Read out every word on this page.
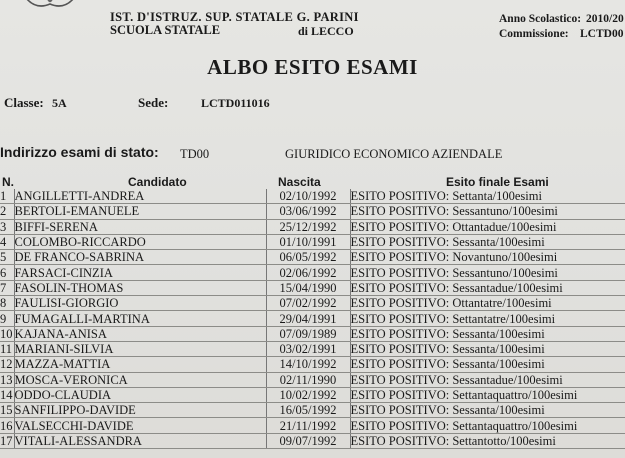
IST. D'ISTRUZ. SUP. STATALE G. PARINI
SCUOLA STATALE	di LECCO
Anno Scolastico: 2010/20
Commissione: LCTD00
ALBO ESITO ESAMI
Classe: 5A	Sede:	LCTD011016
Indirizzo esami di stato: TD00	GIURIDICO ECONOMICO AZIENDALE
N.	Candidato	Nascita	Esito finale Esami
1	ANGILLETTI-ANDREA	02/10/1992	ESITO POSITIVO: Settanta/100esimi
2	BERTOLI-EMANUELE	03/06/1992	ESITO POSITIVO: Sessantuno/100esimi
3	BIFFI-SERENA	25/12/1992	ESITO POSITIVO: Ottantadue/100esimi
4	COLOMBO-RICCARDO	01/10/1991	ESITO POSITIVO: Sessanta/100esimi
5	DE FRANCO-SABRINA	06/05/1992	ESITO POSITIVO: Novantuno/100esimi
6	FARSACI-CINZIA	02/06/1992	ESITO POSITIVO: Sessantuno/100esimi
7	FASOLIN-THOMAS	15/04/1990	ESITO POSITIVO: Sessantadue/100esimi
8	FAULISI-GIORGIO	07/02/1992	ESITO POSITIVO: Ottantatre/100esimi
9	FUMAGALLI-MARTINA	29/04/1991	ESITO POSITIVO: Settantatre/100esimi
10	KAJANA-ANISA	07/09/1989	ESITO POSITIVO: Sessanta/100esimi
11	MARIANI-SILVIA	03/02/1991	ESITO POSITIVO: Sessanta/100esimi
12	MAZZA-MATTIA	14/10/1992	ESITO POSITIVO: Sessanta/100esimi
13	MOSCA-VERONICA	02/11/1990	ESITO POSITIVO: Sessantadue/100esimi
14	ODDO-CLAUDIA	10/02/1992	ESITO POSITIVO: Settantaquattro/100esimi
15	SANFILIPPO-DAVIDE	16/05/1992	ESITO POSITIVO: Sessanta/100esimi
16	VALSECCHI-DAVIDE	21/11/1992	ESITO POSITIVO: Settantaquattro/100esimi
17	VITALI-ALESSANDRA	09/07/1992	ESITO POSITIVO: Settantotto/100esimi
